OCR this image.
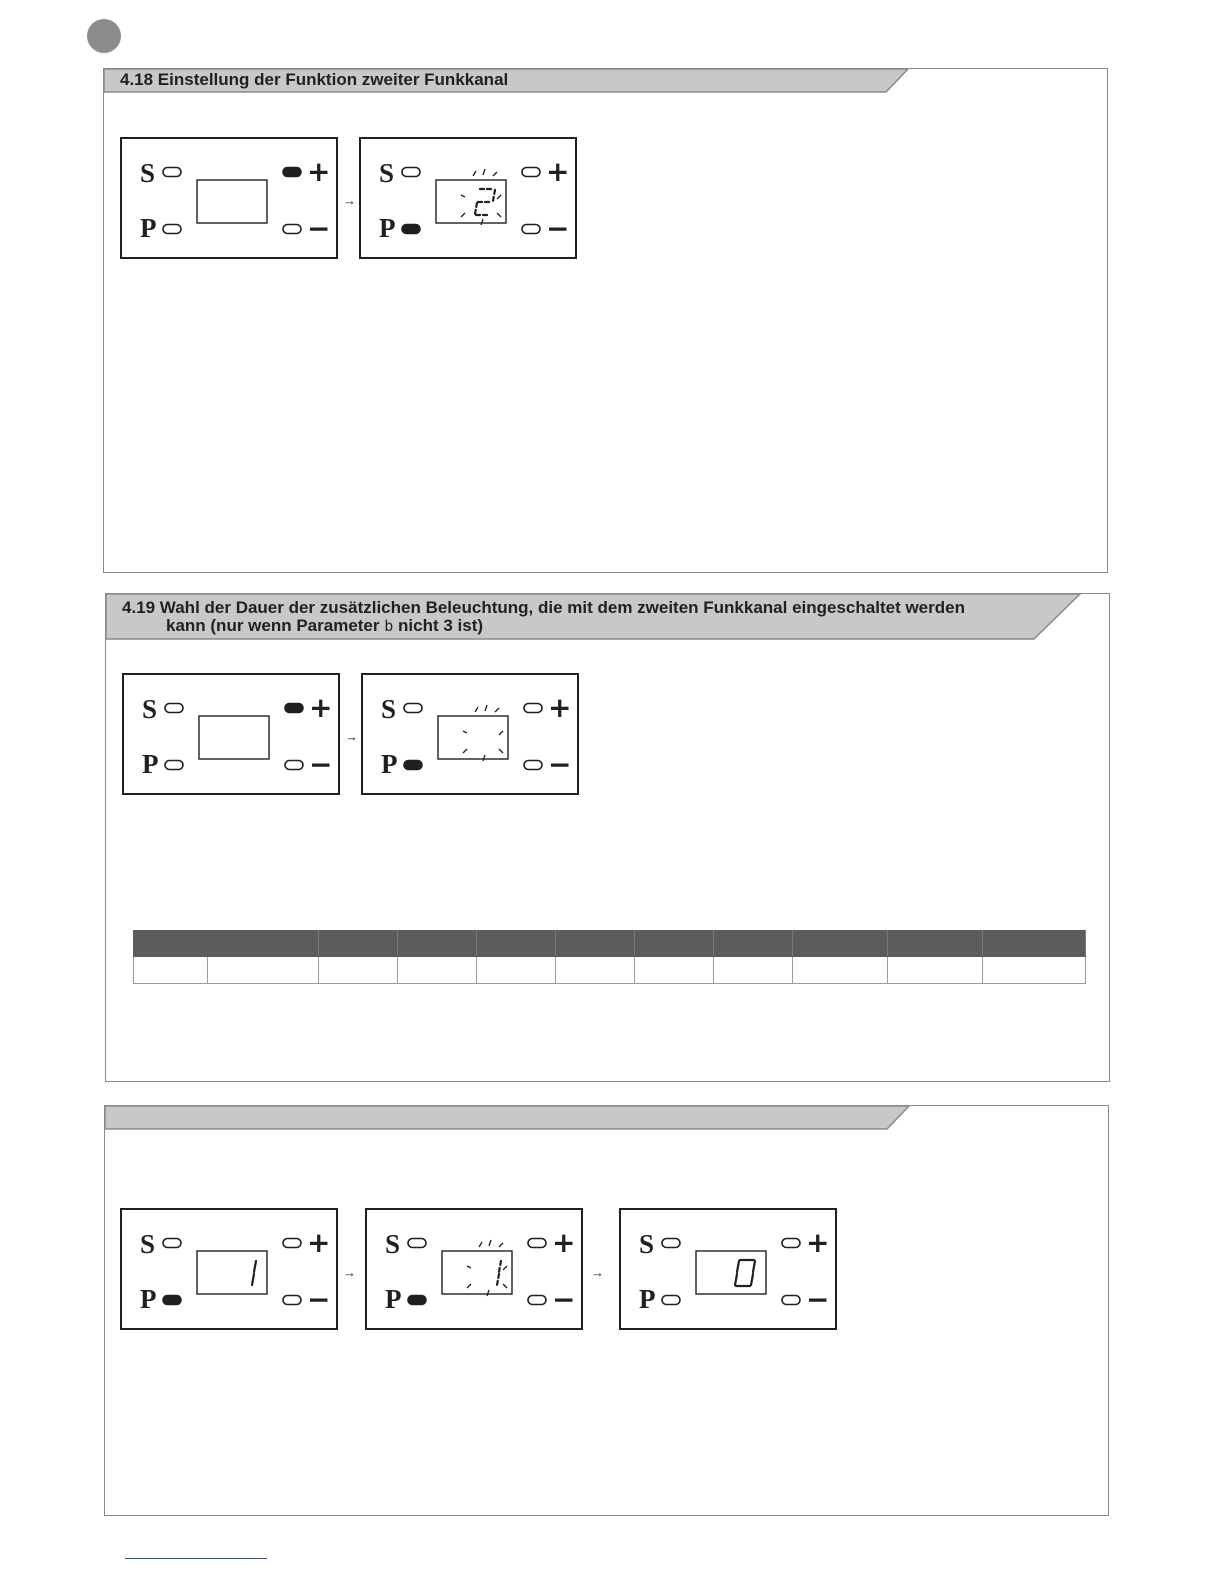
4.18 Einstellung der Funktion zweiter Funkkanal
4.19 Wahl der Dauer der zusätzlichen Beleuchtung, die mit dem zweiten Funkkanal eingeschaltet werden
kann (nur wenn Parameter b nicht 3 ist)
S
P
+
−
S
P
+
−
S
P
+
−
S
P
+
−
S
P
+
−
S
P
+
−
S
P
+
−
→
→
→	→
